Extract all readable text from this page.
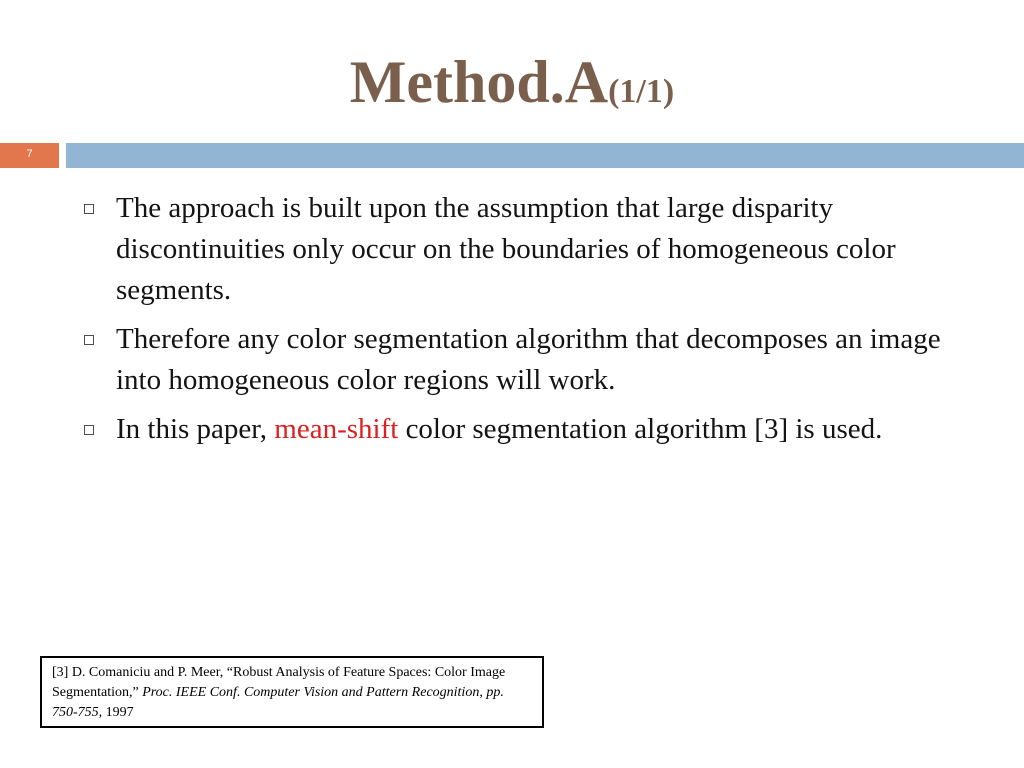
Method.A(1/1)
7
The approach is built upon the assumption that large disparity discontinuities only occur on the boundaries of homogeneous color segments.
Therefore any color segmentation algorithm that decomposes an image into homogeneous color regions will work.
In this paper, mean-shift color segmentation algorithm [3] is used.
[3] D. Comaniciu and P. Meer, “Robust Analysis of Feature Spaces: Color Image Segmentation,” Proc. IEEE Conf. Computer Vision and Pattern Recognition, pp. 750-755, 1997
